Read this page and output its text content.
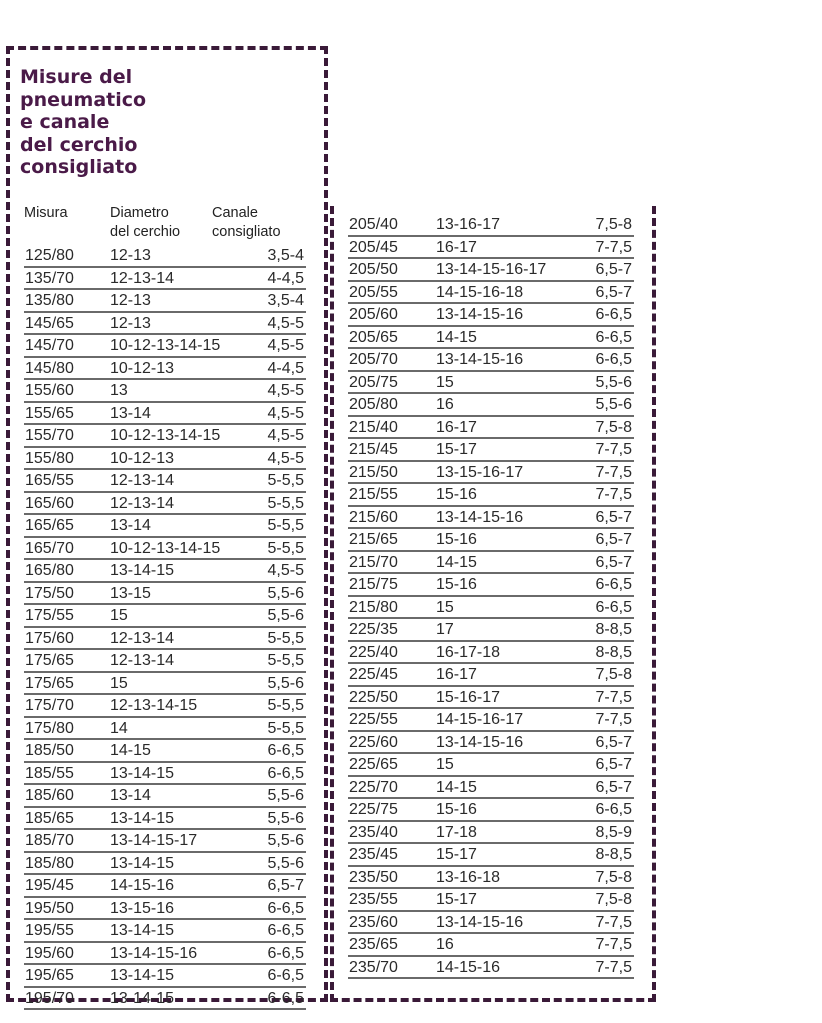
Misure del
pneumatico
e canale
del cerchio
consigliato
Misura	Diametro
del cerchio
Canale
consigliato
125/80 12-13	3,5-4
135/70 12-13-14	4-4,5
135/80 12-13	3,5-4
145/65 12-13	4,5-5
145/70 10-12-13-14-15	4,5-5
145/80 10-12-13	4-4,5
155/60 13	4,5-5
155/65 13-14	4,5-5
155/70 10-12-13-14-15	4,5-5
155/80 10-12-13	4,5-5
165/55 12-13-14	5-5,5
165/60 12-13-14	5-5,5
165/65 13-14	5-5,5
165/70 10-12-13-14-15	5-5,5
165/80 13-14-15	4,5-5
175/50 13-15	5,5-6
175/55 15	5,5-6
175/60 12-13-14	5-5,5
175/65 12-13-14	5-5,5
175/65 15	5,5-6
175/70 12-13-14-15	5-5,5
175/80 14	5-5,5
185/50 14-15	6-6,5
185/55 13-14-15	6-6,5
185/60 13-14	5,5-6
185/65 13-14-15	5,5-6
185/70 13-14-15-17	5,5-6
185/80 13-14-15	5,5-6
195/45 14-15-16	6,5-7
195/50 13-15-16	6-6,5
195/55 13-14-15	6-6,5
195/60 13-14-15-16	6-6,5
195/65 13-14-15	6-6,5
195/70 13-14-15	6-6,5
205/40 13-16-17	7,5-8
205/45 16-17	7-7,5
205/50 13-14-15-16-17	6,5-7
205/55 14-15-16-18	6,5-7
205/60 13-14-15-16	6-6,5
205/65 14-15	6-6,5
205/70 13-14-15-16	6-6,5
205/75 15	5,5-6
205/80 16	5,5-6
215/40 16-17	7,5-8
215/45 15-17	7-7,5
215/50 13-15-16-17	7-7,5
215/55 15-16	7-7,5
215/60 13-14-15-16	6,5-7
215/65 15-16	6,5-7
215/70 14-15	6,5-7
215/75 15-16	6-6,5
215/80 15	6-6,5
225/35 17	8-8,5
225/40 16-17-18	8-8,5
225/45 16-17	7,5-8
225/50 15-16-17	7-7,5
225/55 14-15-16-17	7-7,5
225/60 13-14-15-16	6,5-7
225/65 15	6,5-7
225/70 14-15	6,5-7
225/75 15-16	6-6,5
235/40 17-18	8,5-9
235/45 15-17	8-8,5
235/50 13-16-18	7,5-8
235/55 15-17	7,5-8
235/60 13-14-15-16	7-7,5
235/65 16	7-7,5
235/70 14-15-16	7-7,5
